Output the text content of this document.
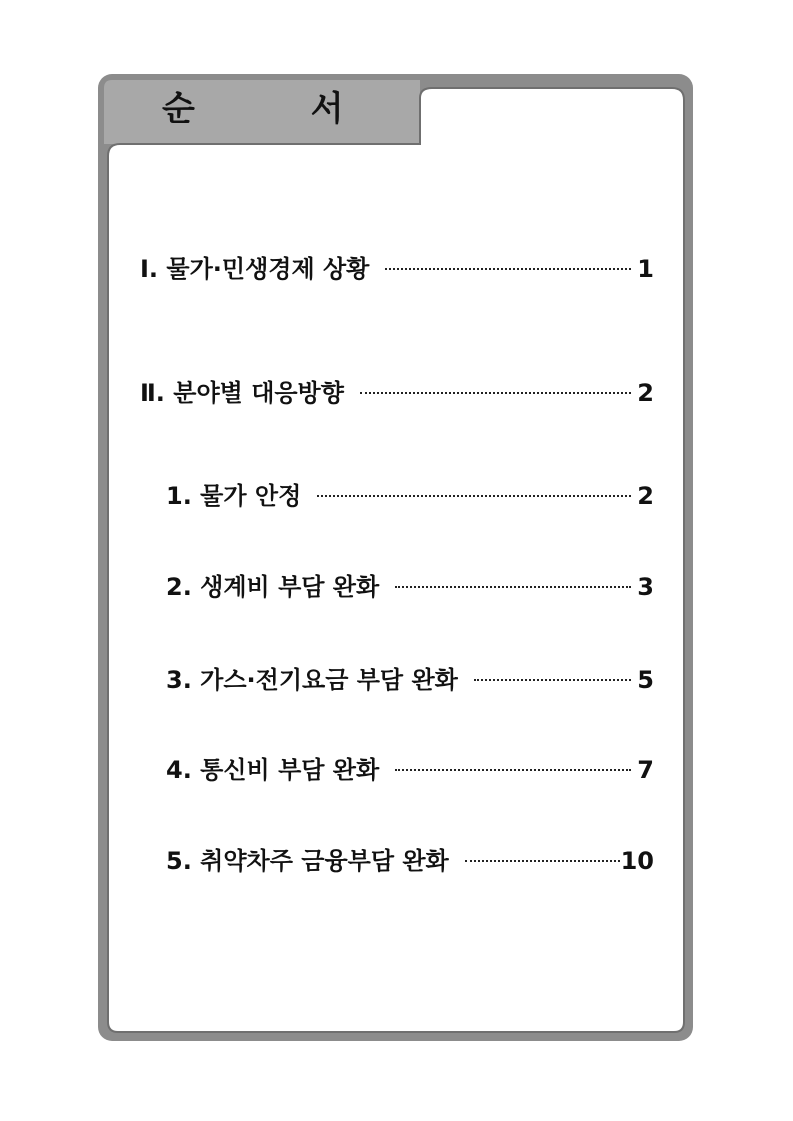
순 서
Ⅰ. 물가·민생경제 상황	1
Ⅱ. 분야별 대응방향	2
1. 물가 안정	2
2. 생계비 부담 완화	3
3. 가스·전기요금 부담 완화	5
4. 통신비 부담 완화	7
5. 취약차주 금융부담 완화	10
